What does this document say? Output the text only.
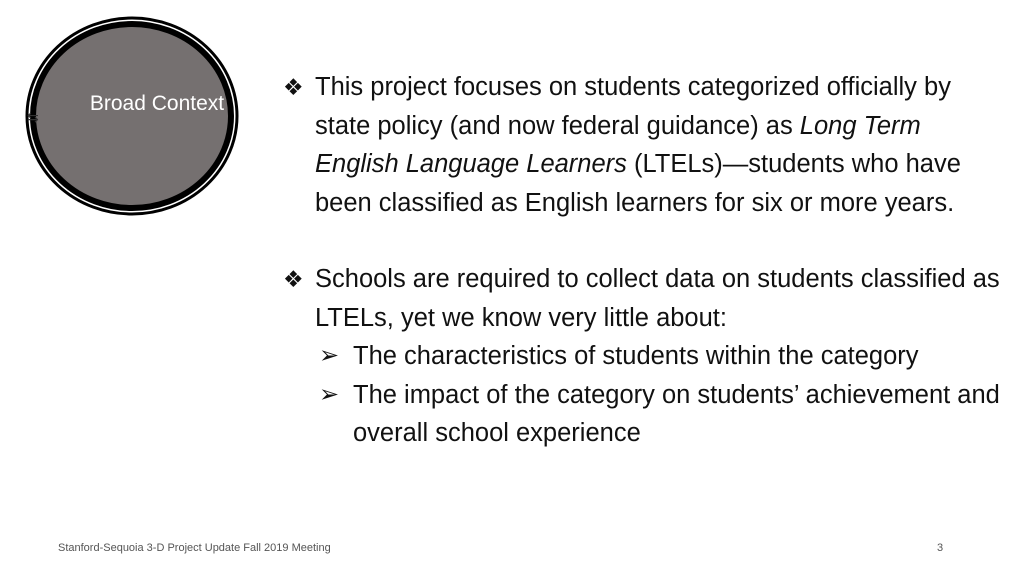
Broad Context
⇆
❖ This project focuses on students categorized officially by state policy (and now federal guidance) as Long Term English Language Learners (LTELs)—students who have been classified as English learners for six or more years.
❖ Schools are required to collect data on students classified as LTELs, yet we know very little about:
➢ The characteristics of students within the category
➢ The impact of the category on students’ achievement and overall school experience
Stanford-Sequoia 3-D Project Update Fall 2019 Meeting	3
